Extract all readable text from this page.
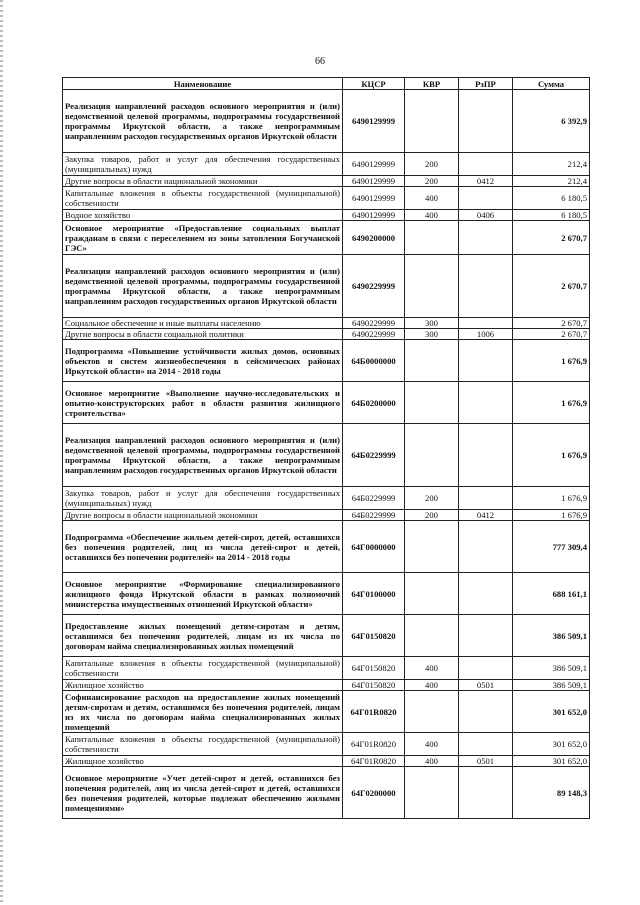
66
Наименование	КЦСР	КВР	РзПР	Сумма
Реализация направлений расходов основного мероприятия и (или) ведомственной целевой программы, подпрограммы государственной программы Иркутской области, а также непрограммным направлениям расходов государственных органов Иркутской области	6490129999			6 392,9
Закупка товаров, работ и услуг для обеспечения государственных (муниципальных) нужд	6490129999	200		212,4
Другие вопросы в области национальной экономики	6490129999	200	0412	212,4
Капитальные вложения в объекты государственной (муниципальной) собственности	6490129999	400		6 180,5
Водное хозяйство	6490129999	400	0406	6 180,5
Основное мероприятие «Предоставление социальных выплат гражданам в связи с переселением из зоны затопления Богучанской ГЭС»	6490200000			2 670,7
Реализация направлений расходов основного мероприятия и (или) ведомственной целевой программы, подпрограммы государственной программы Иркутской области, а также непрограммным направлениям расходов государственных органов Иркутской области	6490229999			2 670,7
Социальное обеспечение и иные выплаты населению	6490229999	300		2 670,7
Другие вопросы в области социальной политики	6490229999	300	1006	2 670,7
Подпрограмма «Повышение устойчивости жилых домов, основных объектов и систем жизнеобеспечения в сейсмических районах Иркутской области» на 2014 - 2018 годы	64Б0000000			1 676,9
Основное мероприятие «Выполнение научно-исследовательских и опытно-конструкторских работ в области развития жилищного строительства»	64Б0200000			1 676,9
Реализация направлений расходов основного мероприятия и (или) ведомственной целевой программы, подпрограммы государственной программы Иркутской области, а также непрограммным направлениям расходов государственных органов Иркутской области	64Б0229999			1 676,9
Закупка товаров, работ и услуг для обеспечения государственных (муниципальных) нужд	64Б0229999	200		1 676,9
Другие вопросы в области национальной экономики	64Б0229999	200	0412	1 676,9
Подпрограмма «Обеспечение жильем детей-сирот, детей, оставшихся без попечения родителей, лиц из числа детей-сирот и детей, оставшихся без попечения родителей» на 2014 - 2018 годы	64Г0000000			777 309,4
Основное мероприятие «Формирование специализированного жилищного фонда Иркутской области в рамках полномочий министерства имущественных отношений Иркутской области»	64Г0100000			688 161,1
Предоставление жилых помещений детям-сиротам и детям, оставшимся без попечения родителей, лицам из их числа по договорам найма специализированных жилых помещений	64Г0150820			386 509,1
Капитальные вложения в объекты государственной (муниципальной) собственности	64Г0150820	400		386 509,1
Жилищное хозяйство	64Г0150820	400	0501	386 509,1
Софинансирование расходов на предоставление жилых помещений детям-сиротам и детям, оставшимся без попечения родителей, лицам из их числа по договорам найма специализированных жилых помещений	64Г01R0820			301 652,0
Капитальные вложения в объекты государственной (муниципальной) собственности	64Г01R0820	400		301 652,0
Жилищное хозяйство	64Г01R0820	400	0501	301 652,0
Основное мероприятие «Учет детей-сирот и детей, оставшихся без попечения родителей, лиц из числа детей-сирот и детей, оставшихся без попечения родителей, которые подлежат обеспечению жилыми помещениями»	64Г0200000			89 148,3
